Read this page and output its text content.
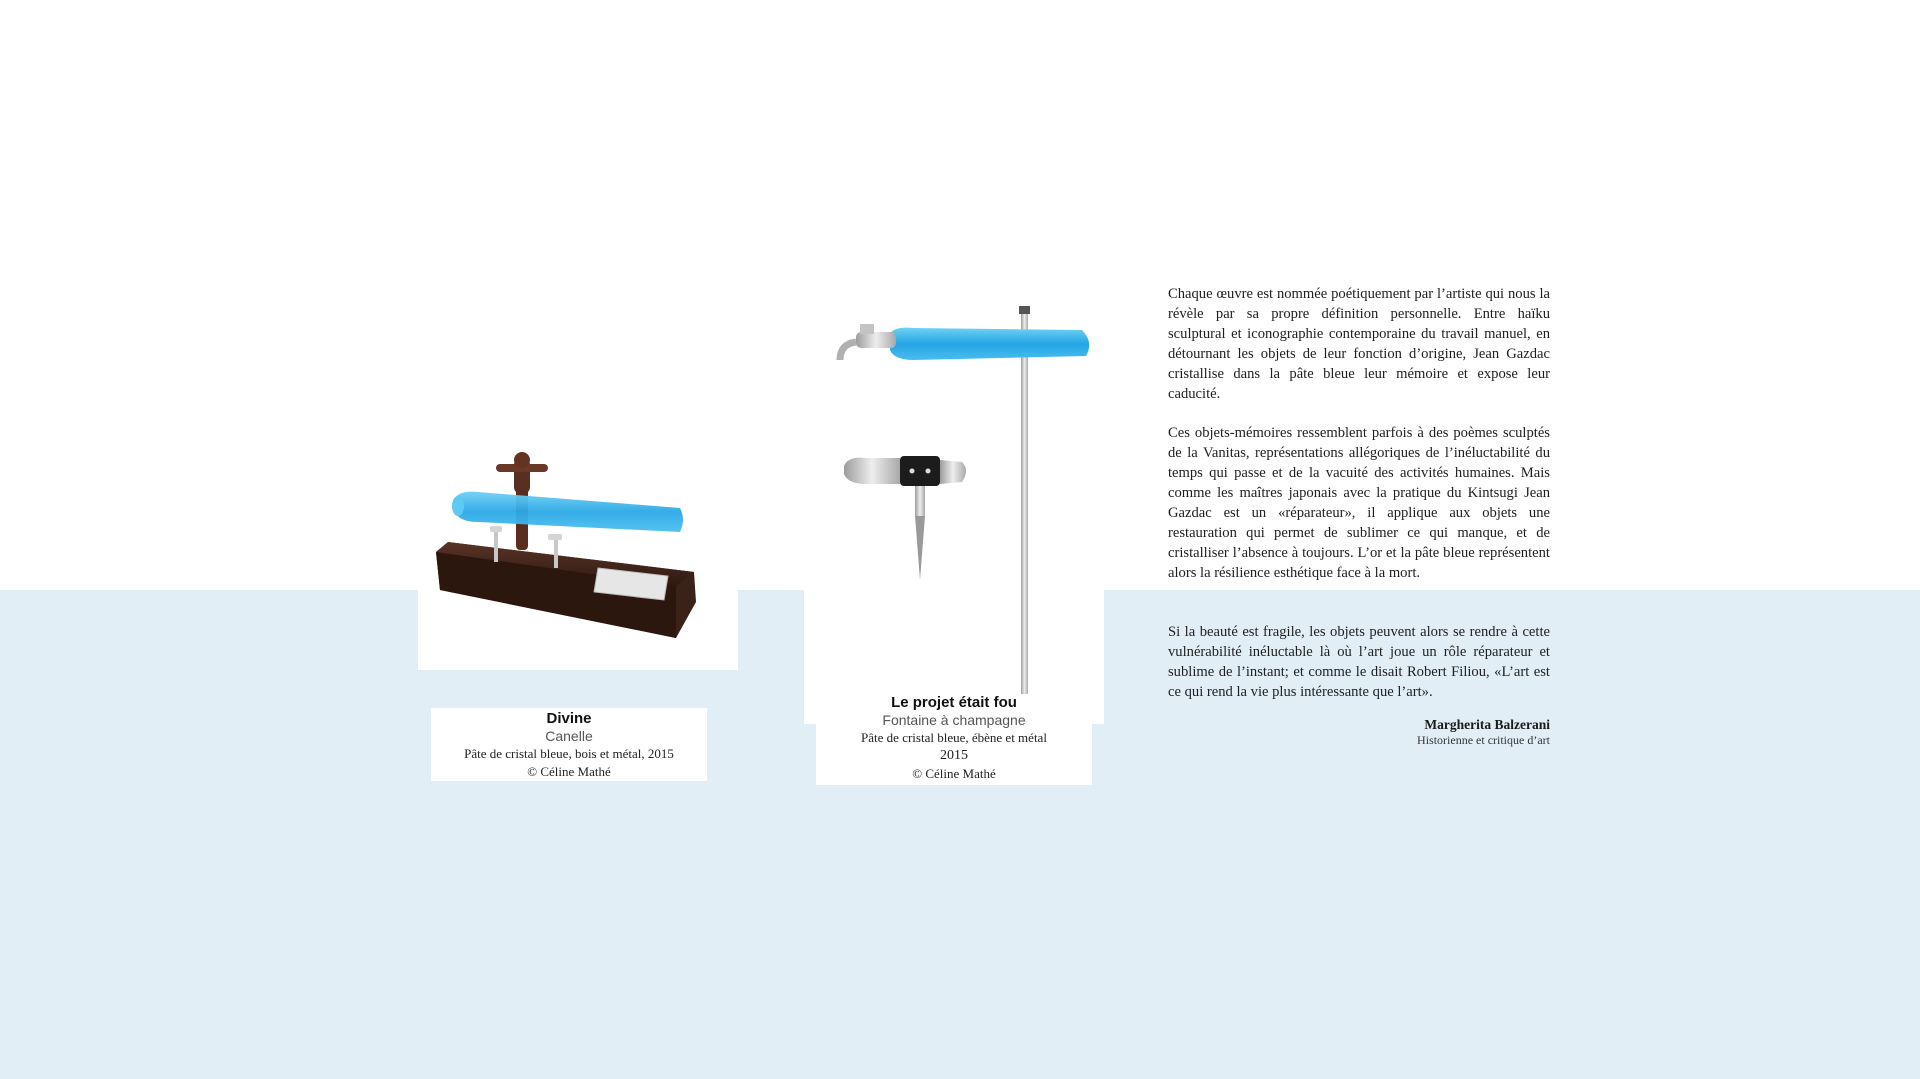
Divine
Canelle
Pâte de cristal bleue, bois et métal, 2015
© Céline Mathé
Le projet était fou
Fontaine à champagne
Pâte de cristal bleue, ébène et métal
2015
© Céline Mathé

Chaque œuvre est nommée poétiquement par l’artiste qui nous la révèle par sa propre définition personnelle. Entre haïku sculptural et iconographie contemporaine du travail manuel, en détournant les objets de leur fonction d’origine, Jean Gazdac cristallise dans la pâte bleue leur mémoire et expose leur caducité.

Ces objets-mémoires ressemblent parfois à des poèmes sculptés de la Vanitas, représentations allégoriques de l’inéluctabilité du temps qui passe et de la vacuité des activités humaines. Mais comme les maîtres japonais avec la pratique du Kintsugi Jean Gazdac est un «réparateur», il applique aux objets une restauration qui permet de sublimer ce qui manque, et de cristalliser l’absence à toujours. L’or et la pâte bleue représentent alors la résilience esthétique face à la mort.

Si la beauté est fragile, les objets peuvent alors se rendre à cette vulnérabilité inéluctable là où l’art joue un rôle réparateur et sublime de l’instant; et comme le disait Robert Filiou, «L’art est ce qui rend la vie plus intéressante que l’art».

Margherita Balzerani
Historienne et critique d’art
